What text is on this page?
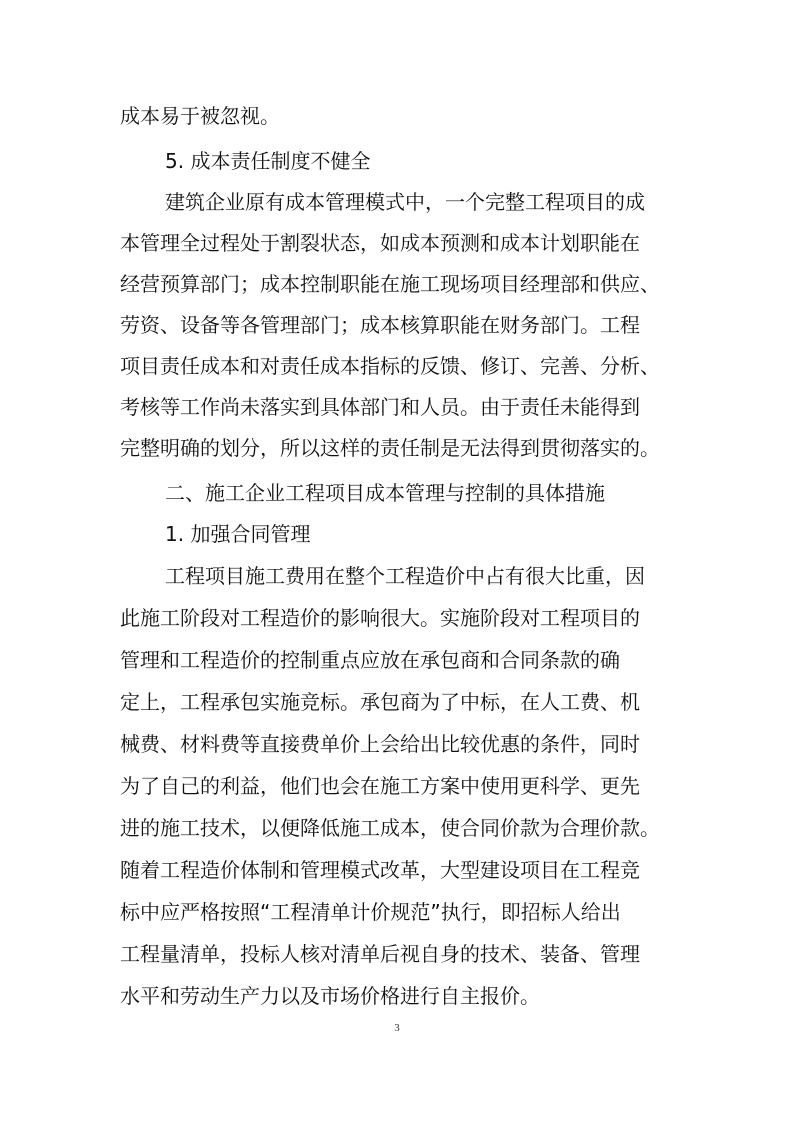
成本易于被忽视。
5. 成本责任制度不健全
建筑企业原有成本管理模式中，一个完整工程项目的成
本管理全过程处于割裂状态，如成本预测和成本计划职能在
经营预算部门；成本控制职能在施工现场项目经理部和供应、
劳资、设备等各管理部门；成本核算职能在财务部门。工程
项目责任成本和对责任成本指标的反馈、修订、完善、分析、
考核等工作尚未落实到具体部门和人员。由于责任未能得到
完整明确的划分，所以这样的责任制是无法得到贯彻落实的。
二、施工企业工程项目成本管理与控制的具体措施
1. 加强合同管理
工程项目施工费用在整个工程造价中占有很大比重，因
此施工阶段对工程造价的影响很大。实施阶段对工程项目的
管理和工程造价的控制重点应放在承包商和合同条款的确
定上，工程承包实施竞标。承包商为了中标，在人工费、机
械费、材料费等直接费单价上会给出比较优惠的条件，同时
为了自己的利益，他们也会在施工方案中使用更科学、更先
进的施工技术，以便降低施工成本，使合同价款为合理价款。
随着工程造价体制和管理模式改革，大型建设项目在工程竞
标中应严格按照“工程清单计价规范”执行，即招标人给出
工程量清单，投标人核对清单后视自身的技术、装备、管理
水平和劳动生产力以及市场价格进行自主报价。
3
